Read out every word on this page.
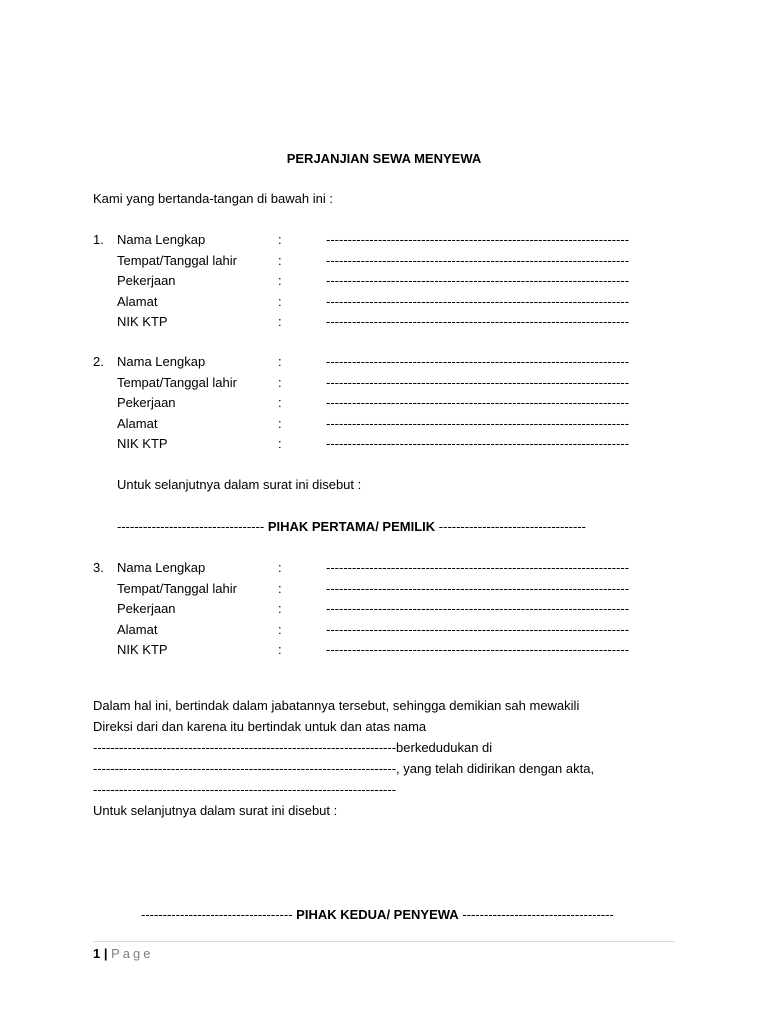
PERJANJIAN SEWA MENYEWA
Kami yang bertanda-tangan di bawah ini :
1. Nama Lengkap	:	----------------------------------------------------------------------
Tempat/Tanggal lahir	:	----------------------------------------------------------------------
Pekerjaan	:	----------------------------------------------------------------------
Alamat	:	----------------------------------------------------------------------
NIK KTP	:	----------------------------------------------------------------------
2. Nama Lengkap	:	----------------------------------------------------------------------
Tempat/Tanggal lahir	:	----------------------------------------------------------------------
Pekerjaan	:	----------------------------------------------------------------------
Alamat	:	----------------------------------------------------------------------
NIK KTP	:	----------------------------------------------------------------------
3. Nama Lengkap	:	----------------------------------------------------------------------
Tempat/Tanggal lahir	:	----------------------------------------------------------------------
Pekerjaan	:	----------------------------------------------------------------------
Alamat	:	----------------------------------------------------------------------
NIK KTP	:	----------------------------------------------------------------------
Untuk selanjutnya dalam surat ini disebut :
---------------------------------- PIHAK PERTAMA/ PEMILIK ----------------------------------

Dalam hal ini, bertindak dalam jabatannya tersebut, sehingga demikian sah mewakili

Direksi dari dan karena itu bertindak untuk dan atas nama

----------------------------------------------------------------------berkedudukan di

----------------------------------------------------------------------, yang telah didirikan dengan akta,

----------------------------------------------------------------------

Untuk selanjutnya dalam surat ini disebut :

----------------------------------- PIHAK KEDUA/ PENYEWA -----------------------------------
1 | Page
